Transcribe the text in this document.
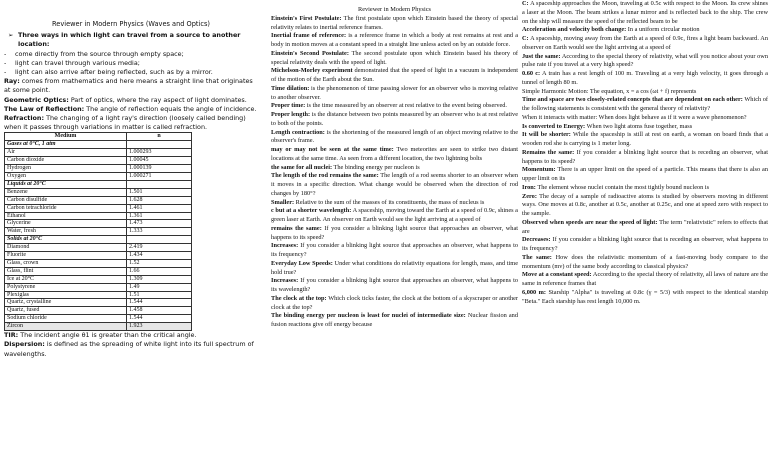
Reviewer in Modern Physics (Waves and Optics)
➢ Three ways in which light can travel from a source to another location:
- come directly from the source through empty space;
- light can travel through various media;
- light can also arrive after being reflected, such as by a mirror.
Ray: comes from mathematics and here means a straight line that originates at some point.
Geometric Optics: Part of optics, where the ray aspect of light dominates.
The Law of Reflection: The angle of reflection equals the angle of incidence.
Refraction: The changing of a light ray's direction (loosely called bending) when it passes through variations in matter is called refraction.
Medium	n
Gases at 0°C, 1 atm	
Air	1.000293
Carbon dioxide	1.00045
Hydrogen	1.000139
Oxygen	1.000271
Liquids at 20°C	
Benzene	1.501
Carbon disulfide	1.628
Carbon tetrachloride	1.461
Ethanol	1.361
Glycerine	1.473
Water, fresh	1.333
Solids at 20°C	
Diamond	2.419
Fluorite	1.434
Glass, crown	1.52
Glass, flint	1.66
Ice at 20°C	1.309
Polystyrene	1.49
Plexiglas	1.51
Quartz, crystalline	1.544
Quartz, fused	1.458
Sodium chloride	1.544
Zircon	1.923
TIR: The incident angle θ1 is greater than the critical angle.
Dispersion: is defined as the spreading of white light into its full spectrum of wavelengths.
Reviewer in Modern Physics
Einstein's First Postulate: The first postulate upon which Einstein based the theory of special relativity relates to inertial reference frames.
Inertial frame of reference: is a reference frame in which a body at rest remains at rest and a body in motion moves at a constant speed in a straight line unless acted on by an outside force.
Einstein's Second Postulate: The second postulate upon which Einstein based his theory of special relativity deals with the speed of light.
Michelson-Morley experiment demonstrated that the speed of light in a vacuum is independent of the motion of the Earth about the Sun.
Time dilation: is the phenomenon of time passing slower for an observer who is moving relative to another observer.
Proper time: is the time measured by an observer at rest relative to the event being observed.
Proper length: is the distance between two points measured by an observer who is at rest relative to both of the points.
Length contraction: is the shortening of the measured length of an object moving relative to the observer's frame.
may or may not be seen at the same time: Two meteorites are seen to strike two distant locations at the same time. As seen from a different location, the two lightning bolts
the same for all nuclei: The binding energy per nucleon is
The length of the rod remains the same: The length of a rod seems shorter to an observer when it moves in a specific direction. What change would be observed when the direction of rod changes by 180°?
Smaller: Relative to the sum of the masses of its constituents, the mass of nucleus is
c but at a shorter wavelength: A spaceship, moving toward the Earth at a speed of 0.9c, shines a green laser at Earth. An observer on Earth would see the light arriving at a speed of
remains the same: If you consider a blinking light source that approaches an observer, what happens to its speed?
Increases: If you consider a blinking light source that approaches an observer, what happens to its frequency?
Everyday Low Speeds: Under what conditions do relativity equations for length, mass, and time hold true?
Increases: If you consider a blinking light source that approaches an observer, what happens to its wavelength?
The clock at the top: Which clock ticks faster, the clock at the bottom of a skyscraper or another clock at the top?
The binding energy per nucleon is least for nuclei of intermediate size: Nuclear fission and fusion reactions give off energy because
C: A spaceship approaches the Moon, traveling at 0.5c with respect to the Moon. Its crew shines a laser at the Moon. The beam strikes a lunar mirror and is reflected back to the ship. The crew on the ship will measure the speed of the reflected beam to be
Acceleration and velocity both change: In a uniform circular motion
C: A spaceship, moving away from the Earth at a speed of 0.9c, fires a light beam backward. An observer on Earth would see the light arriving at a speed of
Just the same: According to the special theory of relativity, what will you notice about your own pulse rate if you travel at a very high speed?
0.60 c: A train has a rest length of 100 m. Traveling at a very high velocity, it goes through a tunnel of length 80 m.
Simple Harmonic Motion: The equation, x = a cos (ωt + f) represents
Time and space are two closely-related concepts that are dependent on each other: Which of the following statements is consistent with the general theory of relativity?
When it interacts with matter: When does light behave as if it were a wave phenomenon?
Is converted to Energy: When two light atoms fuse together, mass
It will be shorter: While the spaceship is still at rest on earth, a woman on board finds that a wooden rod she is carrying is 1 meter long.
Remains the same: If you consider a blinking light source that is receding an observer, what happens to its speed?
Momentum: There is an upper limit on the speed of a particle. This means that there is also an upper limit on its
Iron: The element whose nuclei contain the most tightly bound nucleon is
Zero: The decay of a sample of radioactive atoms is studied by observers moving in different ways. One moves at 0.8c, another at 0.5c, another at 0.25c, and one at speed zero with respect to the sample.
Observed when speeds are near the speed of light: The term "relativistic" refers to effects that are
Decreases: If you consider a blinking light source that is receding an observer, what happens to its frequency?
The same: How does the relativistic momentum of a fast-moving body compare to the momentum (mv) of the same body according to classical physics?
Move at a constant speed: According to the special theory of relativity, all laws of nature are the same in reference frames that
6,000 m: Starship "Alpha" is traveling at 0.8c (γ = 5/3) with respect to the identical starship "Beta." Each starship has rest length 10,000 m.
